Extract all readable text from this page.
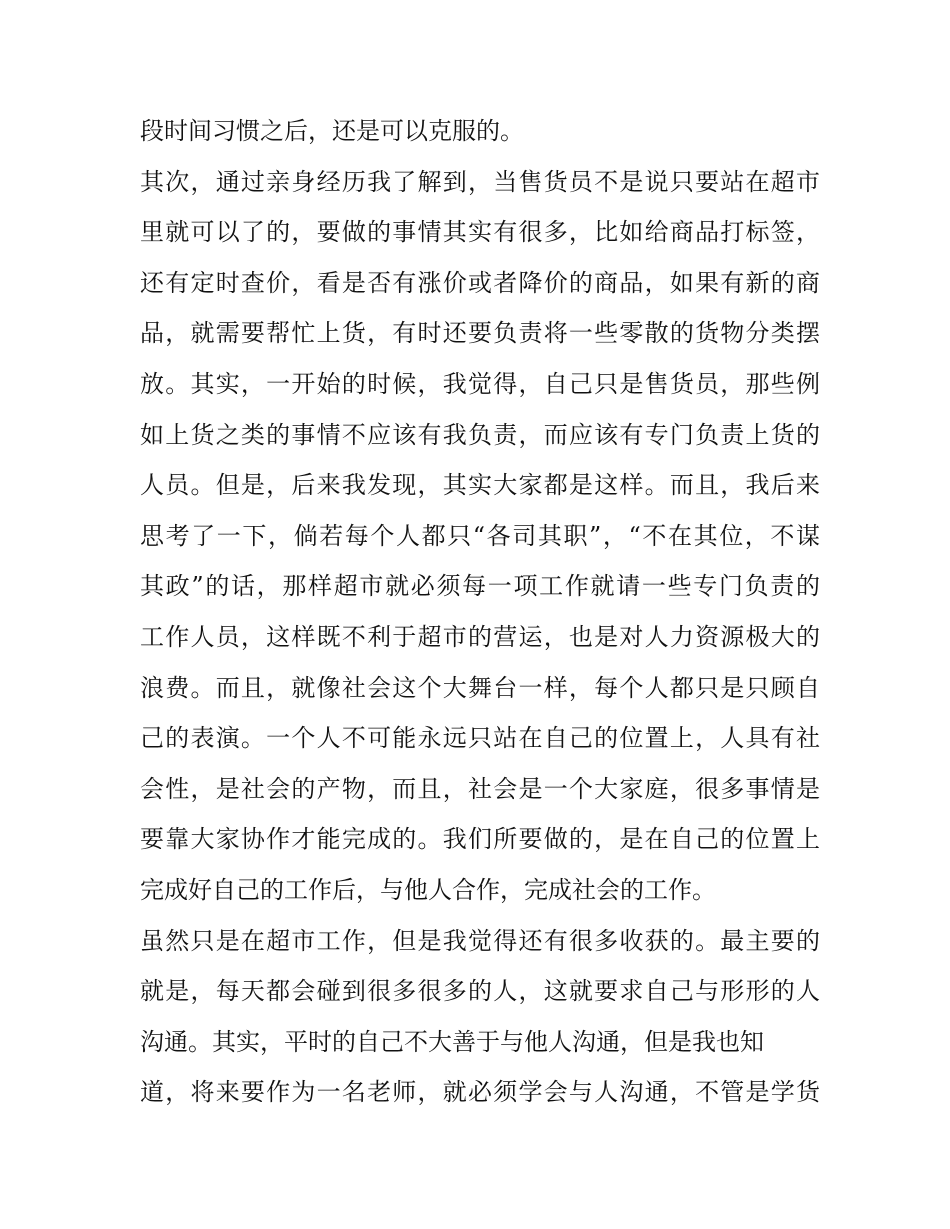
段时间习惯之后，还是可以克服的。
其次，通过亲身经历我了解到，当售货员不是说只要站在超市
里就可以了的，要做的事情其实有很多，比如给商品打标签，
还有定时查价，看是否有涨价或者降价的商品，如果有新的商
品，就需要帮忙上货，有时还要负责将一些零散的货物分类摆
放。其实，一开始的时候，我觉得，自己只是售货员，那些例
如上货之类的事情不应该有我负责，而应该有专门负责上货的
人员。但是，后来我发现，其实大家都是这样。而且，我后来
思考了一下，倘若每个人都只“各司其职”，“不在其位，不谋
其政”的话，那样超市就必须每一项工作就请一些专门负责的
工作人员，这样既不利于超市的营运，也是对人力资源极大的
浪费。而且，就像社会这个大舞台一样，每个人都只是只顾自
己的表演。一个人不可能永远只站在自己的位置上，人具有社
会性，是社会的产物，而且，社会是一个大家庭，很多事情是
要靠大家协作才能完成的。我们所要做的，是在自己的位置上
完成好自己的工作后，与他人合作，完成社会的工作。
虽然只是在超市工作，但是我觉得还有很多收获的。最主要的
就是，每天都会碰到很多很多的人，这就要求自己与形形的人
沟通。其实，平时的自己不大善于与他人沟通，但是我也知
道，将来要作为一名老师，就必须学会与人沟通，不管是学货
